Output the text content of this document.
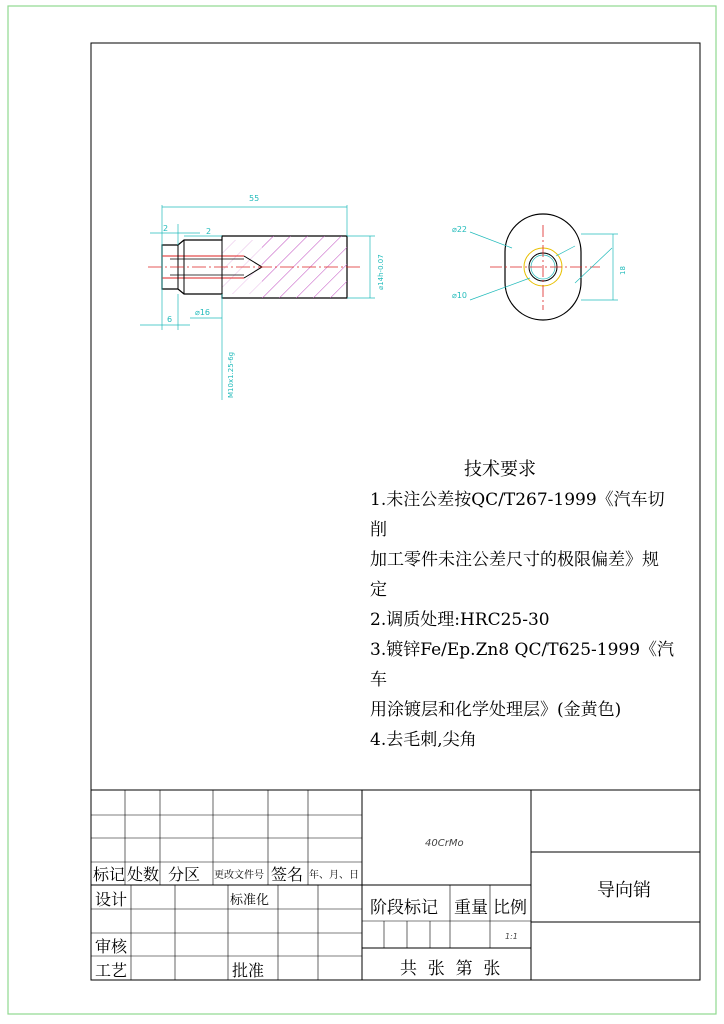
55
2	2
6
⌀16
M10x1.25-6g
⌀14h-0.07
⌀22
⌀10
18
40CrMo
1:1
技术要求
1.未注公差按QC/T267-1999《汽车切削
加工零件未注公差尺寸的极限偏差》规
定
2.调质处理:HRC25-30
3.镀锌Fe/Ep.Zn8 QC/T625-1999《汽车
用涂镀层和化学处理层》(金黄色)
4.去毛刺,尖角
标记 处数 分区 更改文件号 签名 年、月、日
设计	标准化
审核
工艺	批准
阶段标记 重量 比例
共  张  第  张
导向销
